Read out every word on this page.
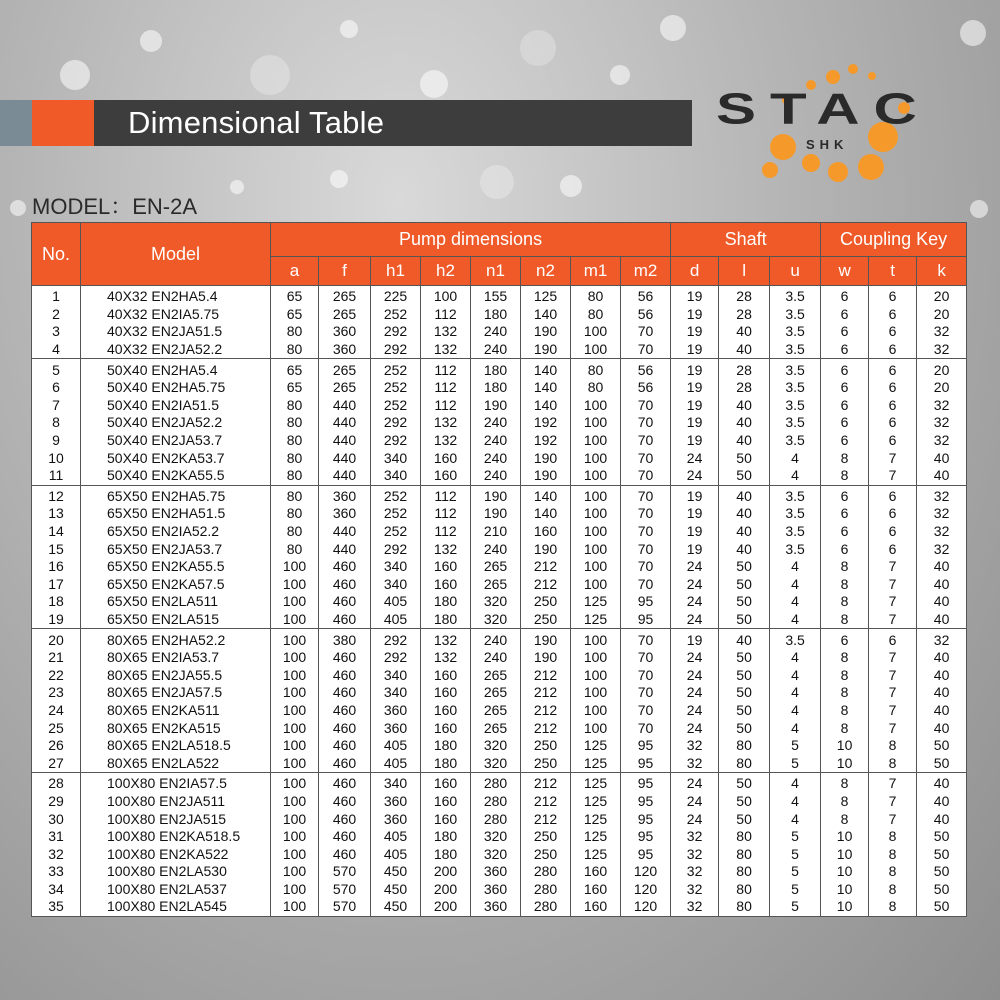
Dimensional Table	STAC
SHK
MODEL：EN-2A
No.	Model	Pump dimensions								Shaft			Coupling Key		
		a	f	h1	h2	n1	n2	m1	m2	d	l	u	w	t	k
1	40X32 EN2HA5.4	65	265	225	100	155	125	80	56	19	28	3.5	6	6	20
2	40X32 EN2IA5.75	65	265	252	112	180	140	80	56	19	28	3.5	6	6	20
3	40X32 EN2JA51.5	80	360	292	132	240	190	100	70	19	40	3.5	6	6	32
4	40X32 EN2JA52.2	80	360	292	132	240	190	100	70	19	40	3.5	6	6	32
5	50X40 EN2HA5.4	65	265	252	112	180	140	80	56	19	28	3.5	6	6	20
6	50X40 EN2HA5.75	65	265	252	112	180	140	80	56	19	28	3.5	6	6	20
7	50X40 EN2IA51.5	80	440	252	112	190	140	100	70	19	40	3.5	6	6	32
8	50X40 EN2JA52.2	80	440	292	132	240	192	100	70	19	40	3.5	6	6	32
9	50X40 EN2JA53.7	80	440	292	132	240	192	100	70	19	40	3.5	6	6	32
10	50X40 EN2KA53.7	80	440	340	160	240	190	100	70	24	50	4	8	7	40
11	50X40 EN2KA55.5	80	440	340	160	240	190	100	70	24	50	4	8	7	40
12	65X50 EN2HA5.75	80	360	252	112	190	140	100	70	19	40	3.5	6	6	32
13	65X50 EN2HA51.5	80	360	252	112	190	140	100	70	19	40	3.5	6	6	32
14	65X50 EN2IA52.2	80	440	252	112	210	160	100	70	19	40	3.5	6	6	32
15	65X50 EN2JA53.7	80	440	292	132	240	190	100	70	19	40	3.5	6	6	32
16	65X50 EN2KA55.5	100	460	340	160	265	212	100	70	24	50	4	8	7	40
17	65X50 EN2KA57.5	100	460	340	160	265	212	100	70	24	50	4	8	7	40
18	65X50 EN2LA511	100	460	405	180	320	250	125	95	24	50	4	8	7	40
19	65X50 EN2LA515	100	460	405	180	320	250	125	95	24	50	4	8	7	40
20	80X65 EN2HA52.2	100	380	292	132	240	190	100	70	19	40	3.5	6	6	32
21	80X65 EN2IA53.7	100	460	292	132	240	190	100	70	24	50	4	8	7	40
22	80X65 EN2JA55.5	100	460	340	160	265	212	100	70	24	50	4	8	7	40
23	80X65 EN2JA57.5	100	460	340	160	265	212	100	70	24	50	4	8	7	40
24	80X65 EN2KA511	100	460	360	160	265	212	100	70	24	50	4	8	7	40
25	80X65 EN2KA515	100	460	360	160	265	212	100	70	24	50	4	8	7	40
26	80X65 EN2LA518.5	100	460	405	180	320	250	125	95	32	80	5	10	8	50
27	80X65 EN2LA522	100	460	405	180	320	250	125	95	32	80	5	10	8	50
28	100X80 EN2IA57.5	100	460	340	160	280	212	125	95	24	50	4	8	7	40
29	100X80 EN2JA511	100	460	360	160	280	212	125	95	24	50	4	8	7	40
30	100X80 EN2JA515	100	460	360	160	280	212	125	95	24	50	4	8	7	40
31	100X80 EN2KA518.5	100	460	405	180	320	250	125	95	32	80	5	10	8	50
32	100X80 EN2KA522	100	460	405	180	320	250	125	95	32	80	5	10	8	50
33	100X80 EN2LA530	100	570	450	200	360	280	160	120	32	80	5	10	8	50
34	100X80 EN2LA537	100	570	450	200	360	280	160	120	32	80	5	10	8	50
35	100X80 EN2LA545	100	570	450	200	360	280	160	120	32	80	5	10	8	50
